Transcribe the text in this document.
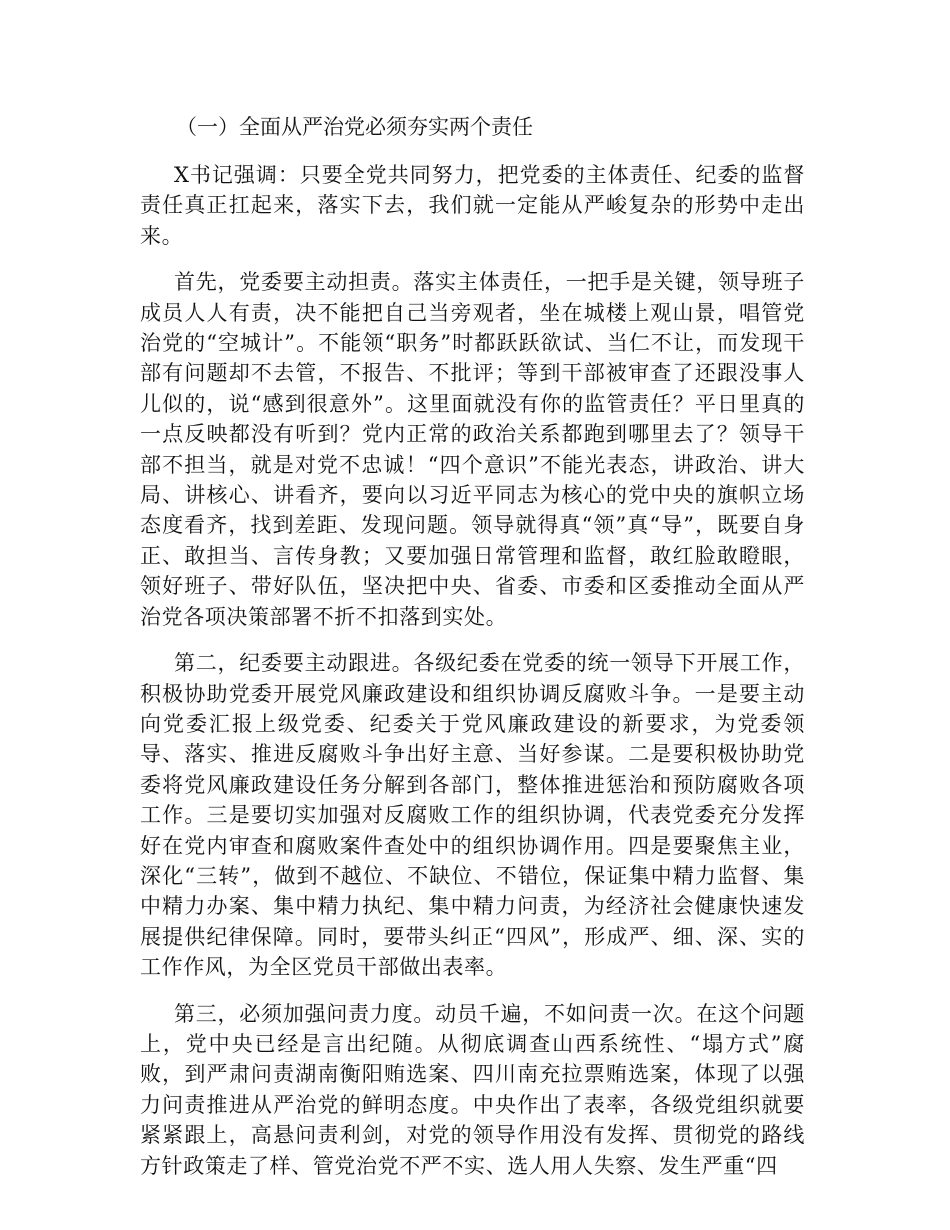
（一）全面从严治党必须夯实两个责任

X书记强调：只要全党共同努力，把党委的主体责任、纪委的监督责任真正扛起来，落实下去，我们就一定能从严峻复杂的形势中走出来。

首先，党委要主动担责。落实主体责任，一把手是关键，领导班子成员人人有责，决不能把自己当旁观者，坐在城楼上观山景，唱管党治党的“空城计”。不能领“职务”时都跃跃欲试、当仁不让，而发现干部有问题却不去管，不报告、不批评；等到干部被审查了还跟没事人儿似的，说“感到很意外”。这里面就没有你的监管责任？平日里真的一点反映都没有听到？党内正常的政治关系都跑到哪里去了？领导干部不担当，就是对党不忠诚！“四个意识”不能光表态，讲政治、讲大局、讲核心、讲看齐，要向以习近平同志为核心的党中央的旗帜立场态度看齐，找到差距、发现问题。领导就得真“领”真“导”，既要自身正、敢担当、言传身教；又要加强日常管理和监督，敢红脸敢瞪眼，领好班子、带好队伍，坚决把中央、省委、市委和区委推动全面从严治党各项决策部署不折不扣落到实处。

第二，纪委要主动跟进。各级纪委在党委的统一领导下开展工作，积极协助党委开展党风廉政建设和组织协调反腐败斗争。一是要主动向党委汇报上级党委、纪委关于党风廉政建设的新要求，为党委领导、落实、推进反腐败斗争出好主意、当好参谋。二是要积极协助党委将党风廉政建设任务分解到各部门，整体推进惩治和预防腐败各项工作。三是要切实加强对反腐败工作的组织协调，代表党委充分发挥好在党内审查和腐败案件查处中的组织协调作用。四是要聚焦主业，深化“三转”，做到不越位、不缺位、不错位，保证集中精力监督、集中精力办案、集中精力执纪、集中精力问责，为经济社会健康快速发展提供纪律保障。同时，要带头纠正“四风”，形成严、细、深、实的工作作风，为全区党员干部做出表率。

第三，必须加强问责力度。动员千遍，不如问责一次。在这个问题上，党中央已经是言出纪随。从彻底调查山西系统性、“塌方式”腐败，到严肃问责湖南衡阳贿选案、四川南充拉票贿选案，体现了以强力问责推进从严治党的鲜明态度。中央作出了表率，各级党组织就要紧紧跟上，高悬问责利剑，对党的领导作用没有发挥、贯彻党的路线方针政策走了样、管党治党不严不实、选人用人失察、发生严重“四
